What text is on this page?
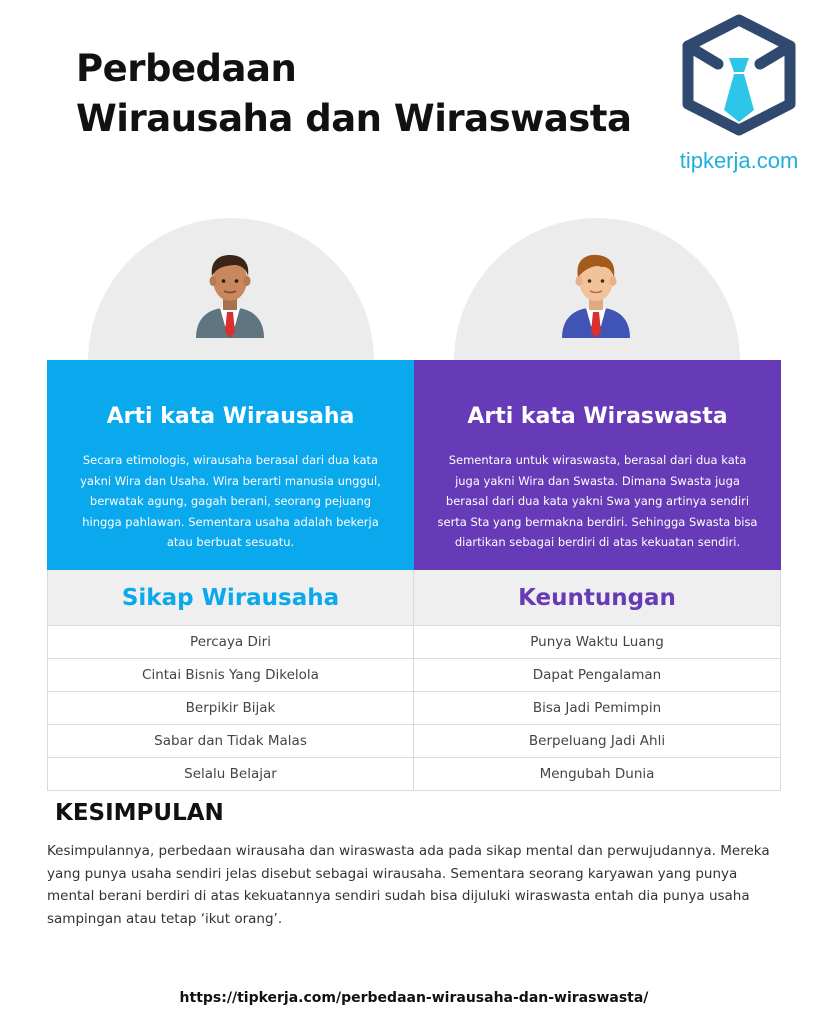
Perbedaan
Wirausaha dan Wiraswasta
tipkerja.com
Arti kata Wirausaha

Secara etimologis, wirausaha berasal dari dua kata yakni Wira dan Usaha. Wira berarti manusia unggul, berwatak agung, gagah berani, seorang pejuang hingga pahlawan. Sementara usaha adalah bekerja atau berbuat sesuatu.

Arti kata Wiraswasta

Sementara untuk wiraswasta, berasal dari dua kata juga yakni Wira dan Swasta. Dimana Swasta juga berasal dari dua kata yakni Swa yang artinya sendiri serta Sta yang bermakna berdiri. Sehingga Swasta bisa diartikan sebagai berdiri di atas kekuatan sendiri.

Sikap Wirausaha	Keuntungan
Percaya Diri	Punya Waktu Luang
Cintai Bisnis Yang Dikelola	Dapat Pengalaman
Berpikir Bijak	Bisa Jadi Pemimpin
Sabar dan Tidak Malas	Berpeluang Jadi Ahli
Selalu Belajar	Mengubah Dunia
KESIMPULAN

Kesimpulannya, perbedaan wirausaha dan wiraswasta ada pada sikap mental dan perwujudannya. Mereka yang punya usaha sendiri jelas disebut sebagai wirausaha. Sementara seorang karyawan yang punya mental berani berdiri di atas kekuatannya sendiri sudah bisa dijuluki wiraswasta entah dia punya usaha sampingan atau tetap ‘ikut orang’.

https://tipkerja.com/perbedaan-wirausaha-dan-wiraswasta/
